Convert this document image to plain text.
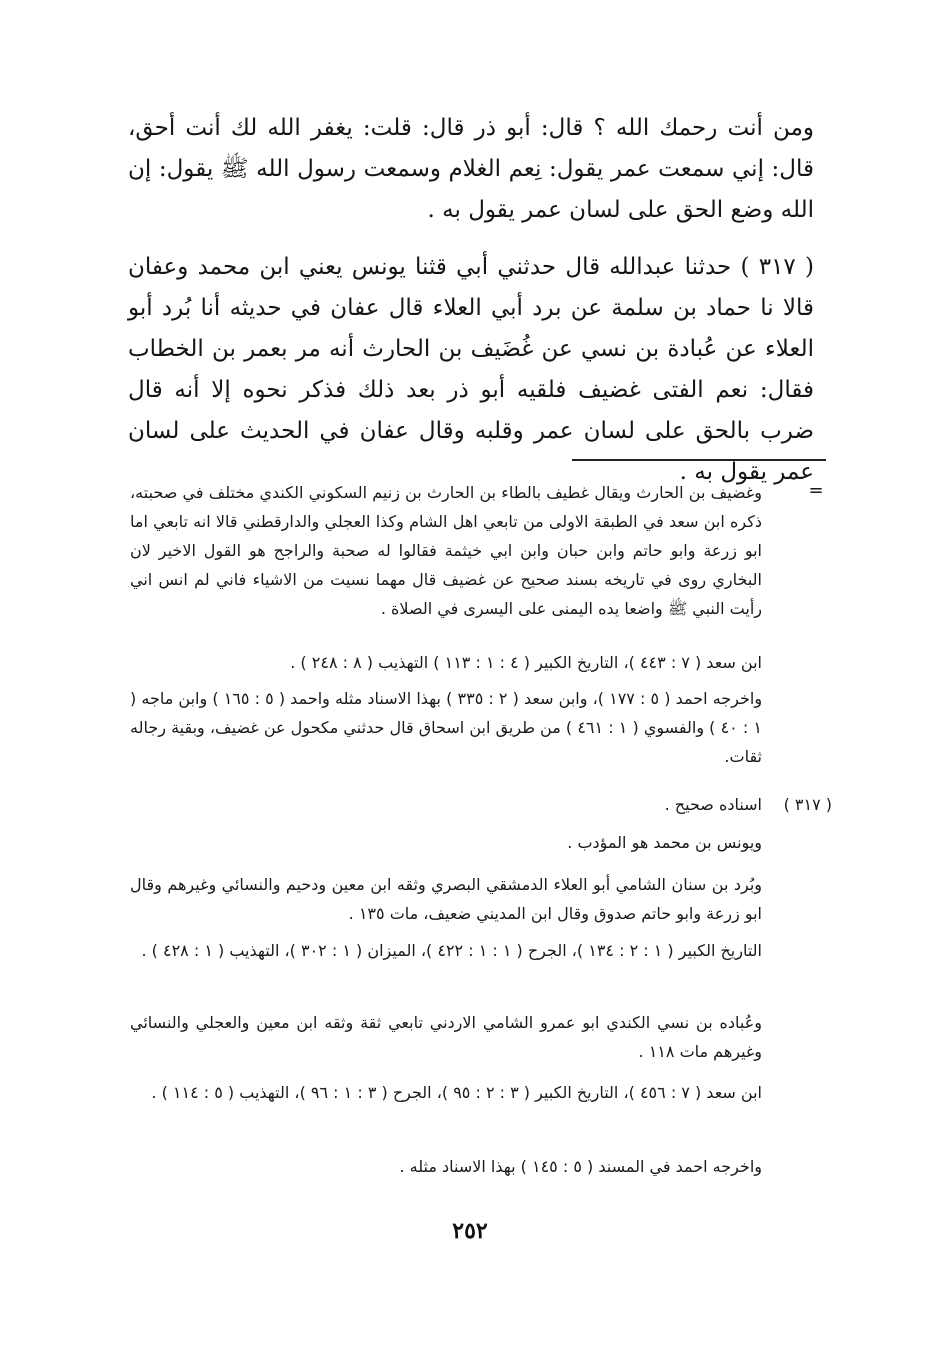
ومن أنت رحمك الله ؟ قال: أبو ذر قال: قلت: يغفر الله لك أنت أحق، قال: إني سمعت عمر يقول: نِعم الغلام وسمعت رسول الله ﷺ يقول: إن الله وضع الحق على لسان عمر يقول به .

( ٣١٧ ) حدثنا عبدالله قال حدثني أبي قثنا يونس يعني ابن محمد وعفان قالا نا حماد بن سلمة عن برد أبي العلاء قال عفان في حديثه أنا بُرد أبو العلاء عن عُبادة بن نسي عن غُضَيف بن الحارث أنه مر بعمر بن الخطاب فقال: نعم الفتى غضيف فلقيه أبو ذر بعد ذلك فذكر نحوه إلا أنه قال ضرب بالحق على لسان عمر وقلبه وقال عفان في الحديث على لسان عمر يقول به .

=

وغضيف بن الحارث ويقال غطيف بالطاء بن الحارث بن زنيم السكوني الكندي مختلف في صحبته، ذكره ابن سعد في الطبقة الاولى من تابعي اهل الشام وكذا العجلي والدارقطني قالا انه تابعي اما ابو زرعة وابو حاتم وابن حبان وابن ابي خيثمة فقالوا له صحبة والراجح هو القول الاخير لان البخاري روى في تاريخه بسند صحيح عن غضيف قال مهما نسيت من الاشياء فاني لم انس اني رأيت النبي ﷺ واضعا يده اليمنى على اليسرى في الصلاة .

ابن سعد ( ٧ : ٤٤٣ )، التاريخ الكبير ( ٤ : ١ : ١١٣ ) التهذيب ( ٨ : ٢٤٨ ) .

واخرجه احمد ( ٥ : ١٧٧ )، وابن سعد ( ٢ : ٣٣٥ ) بهذا الاسناد مثله واحمد ( ٥ : ١٦٥ ) وابن ماجه ( ١ : ٤٠ ) والفسوي ( ١ : ٤٦١ ) من طريق ابن اسحاق قال حدثني مكحول عن غضيف، وبقية رجاله ثقات.

( ٣١٧ )

اسناده صحيح .

ويونس بن محمد هو المؤدب .

وبُرد بن سنان الشامي أبو العلاء الدمشقي البصري وثقه ابن معين ودحيم والنسائي وغيرهم وقال ابو زرعة وابو حاتم صدوق وقال ابن المديني ضعيف، مات ١٣٥ .

التاريخ الكبير ( ١ : ٢ : ١٣٤ )، الجرح ( ١ : ١ : ٤٢٢ )، الميزان ( ١ : ٣٠٢ )، التهذيب ( ١ : ٤٢٨ ) .

وعُباده بن نسي الكندي ابو عمرو الشامي الاردني تابعي ثقة وثقه ابن معين والعجلي والنسائي وغيرهم مات ١١٨ .

ابن سعد ( ٧ : ٤٥٦ )، التاريخ الكبير ( ٣ : ٢ : ٩٥ )، الجرح ( ٣ : ١ : ٩٦ )، التهذيب ( ٥ : ١١٤ ) .

واخرجه احمد في المسند ( ٥ : ١٤٥ ) بهذا الاسناد مثله .

٢٥٢
